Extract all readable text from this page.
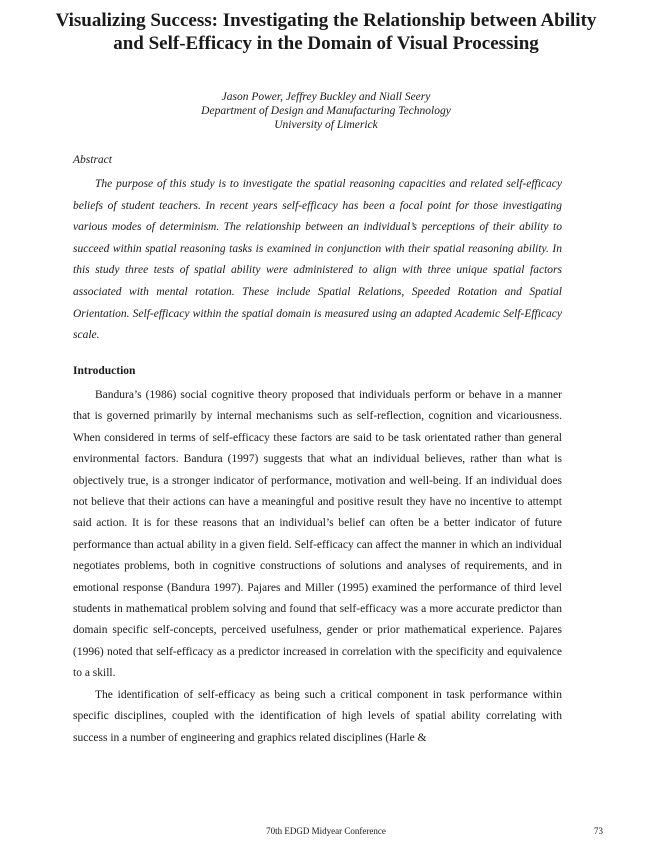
Visualizing Success: Investigating the Relationship between Ability and Self-Efficacy in the Domain of Visual Processing
Jason Power, Jeffrey Buckley and Niall Seery
Department of Design and Manufacturing Technology
University of Limerick
Abstract
The purpose of this study is to investigate the spatial reasoning capacities and related self-efficacy beliefs of student teachers. In recent years self-efficacy has been a focal point for those investigating various modes of determinism. The relationship between an individual’s perceptions of their ability to succeed within spatial reasoning tasks is examined in conjunction with their spatial reasoning ability. In this study three tests of spatial ability were administered to align with three unique spatial factors associated with mental rotation. These include Spatial Relations, Speeded Rotation and Spatial Orientation. Self-efficacy within the spatial domain is measured using an adapted Academic Self-Efficacy scale.
Introduction

Bandura’s (1986) social cognitive theory proposed that individuals perform or behave in a manner that is governed primarily by internal mechanisms such as self-reflection, cognition and vicariousness. When considered in terms of self-efficacy these factors are said to be task orientated rather than general environmental factors. Bandura (1997) suggests that what an individual believes, rather than what is objectively true, is a stronger indicator of performance, motivation and well-being. If an individual does not believe that their actions can have a meaningful and positive result they have no incentive to attempt said action. It is for these reasons that an individual’s belief can often be a better indicator of future performance than actual ability in a given field. Self-efficacy can affect the manner in which an individual negotiates problems, both in cognitive constructions of solutions and analyses of requirements, and in emotional response (Bandura 1997). Pajares and Miller (1995) examined the performance of third level students in mathematical problem solving and found that self-efficacy was a more accurate predictor than domain specific self-concepts, perceived usefulness, gender or prior mathematical experience. Pajares (1996) noted that self-efficacy as a predictor increased in correlation with the specificity and equivalence to a skill.

The identification of self-efficacy as being such a critical component in task performance within specific disciplines, coupled with the identification of high levels of spatial ability correlating with success in a number of engineering and graphics related disciplines (Harle &

70th EDGD Midyear Conference	73
